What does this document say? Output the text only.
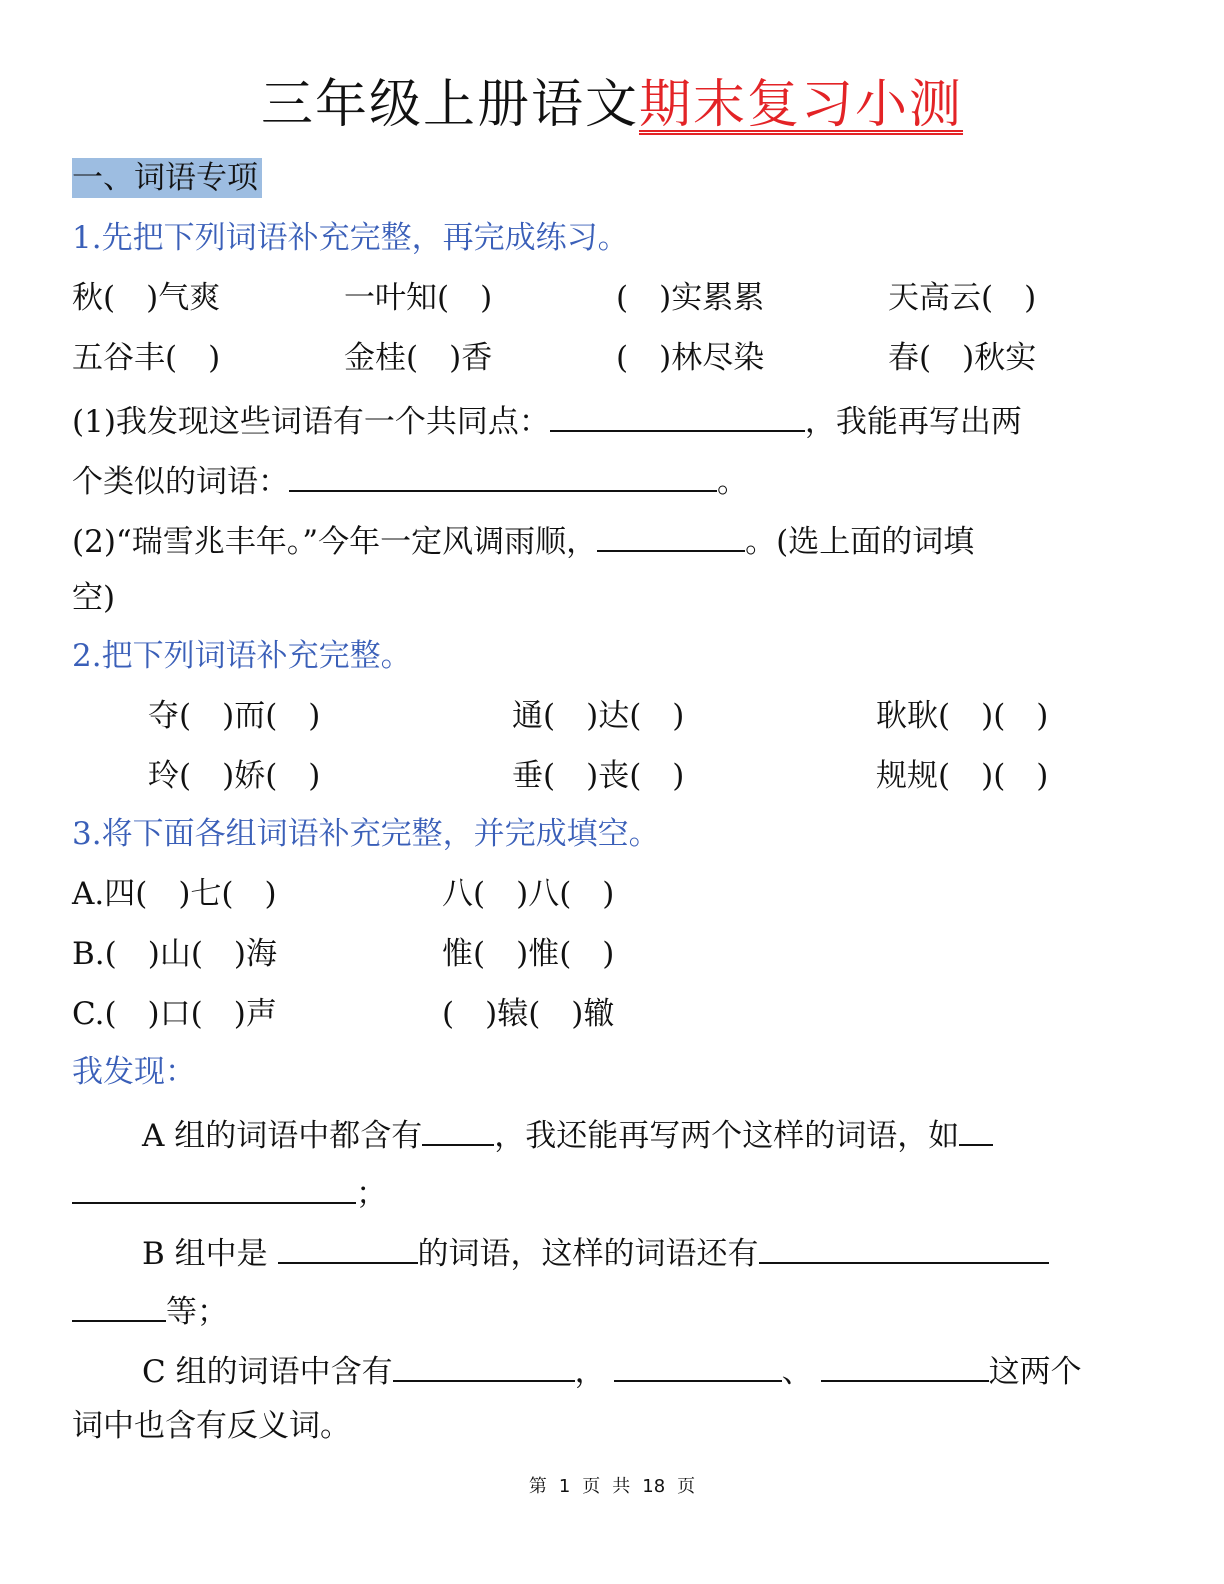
三年级上册语文期末复习小测
一、词语专项
1.先把下列词语补充完整，再完成练习。
秋(　)气爽	一叶知(　)	(　)实累累	天高云(　)
五谷丰(　)	金桂(　)香	(　)林尽染	春(　)秋实
(1)我发现这些词语有一个共同点：	，我能再写出两
个类似的词语：	。
(2)“瑞雪兆丰年。”今年一定风调雨顺，	。(选上面的词填
空)
2.把下列词语补充完整。
夺(　)而(　)	通(　)达(　)	耿耿(　)(　)
玲(　)娇(　)	垂(　)丧(　)	规规(　)(　)
3.将下面各组词语补充完整，并完成填空。
A.四(　)七(　)	八(　)八(　)
B.(　)山(　)海	惟(　)惟(　)
C.(　)口(　)声	(　)辕(　)辙
我发现：
A 组的词语中都含有 ，我还能再写两个这样的词语，如
；
B 组中是	的词语，这样的词语还有
等；
C 组的词语中含有	，	、	这两个
词中也含有反义词。
第 1 页 共 18 页
